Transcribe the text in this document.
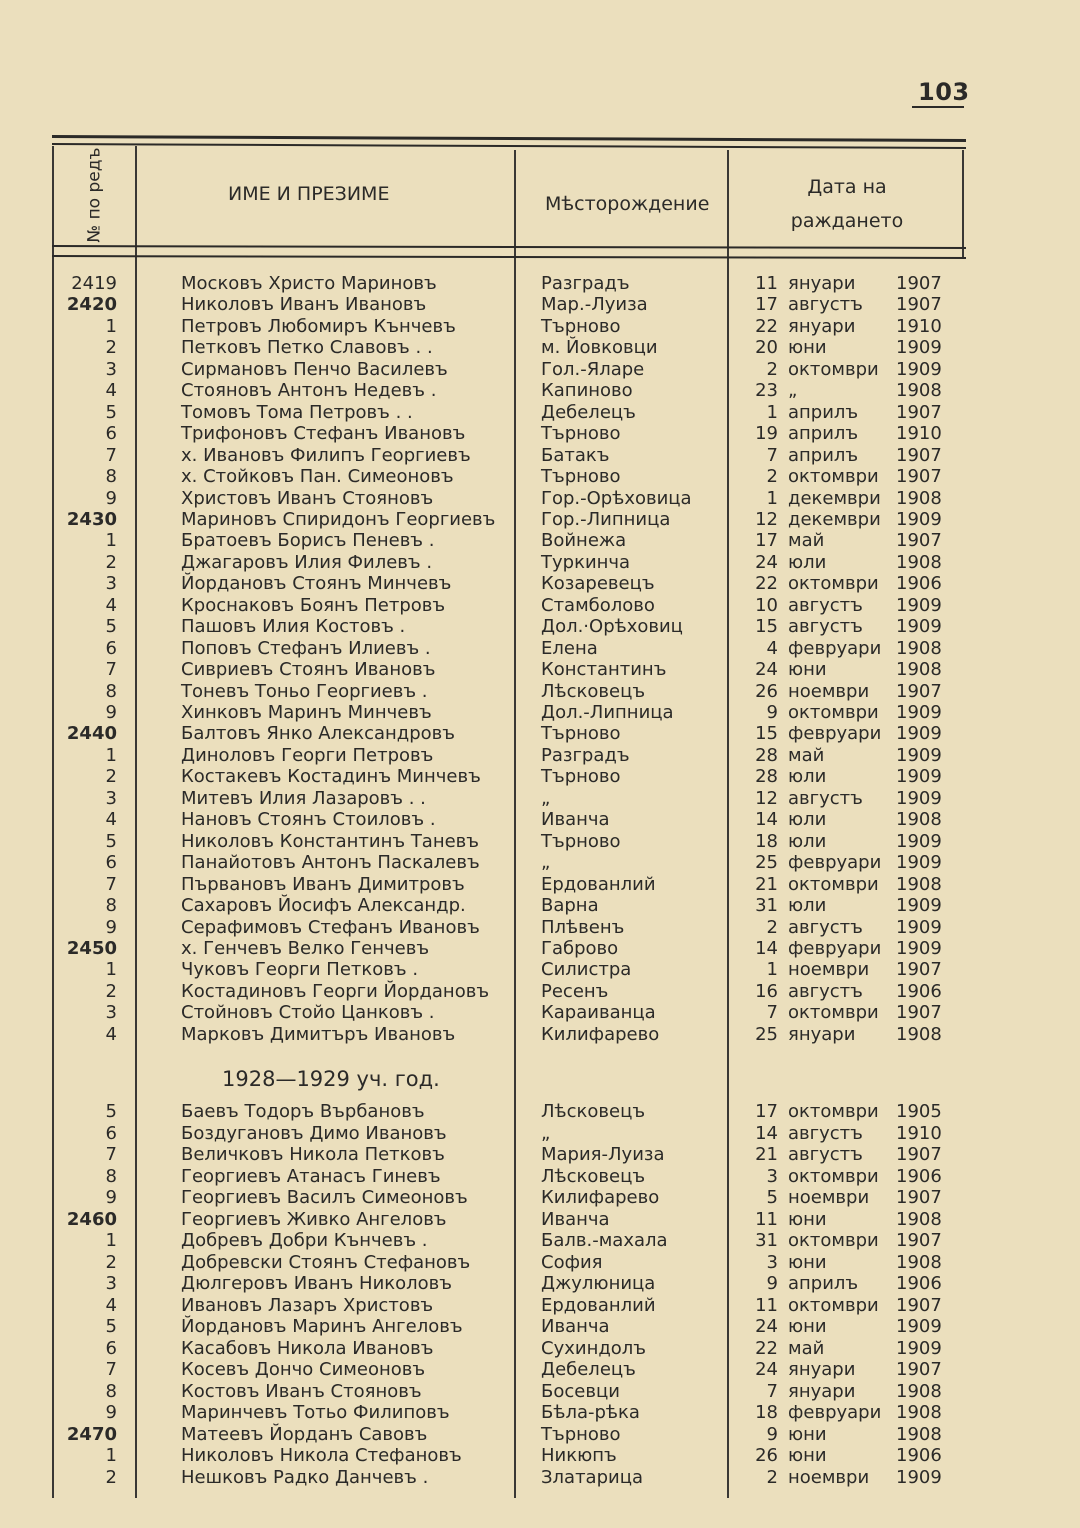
103
№ по редъ	ИМЕ И ПРЕЗИМЕ	Мѣсторождение
Дата на
раждането
2419	Московъ Христо Мариновъ	Разградъ	11 януари 1907
2420	Николовъ Иванъ Ивановъ	Мар.-Луиза	17 августъ 1907
1	Петровъ Любомиръ Кънчевъ	Търново	22 януари 1910
2	Петковъ Петко Славовъ . .	м. Йовковци	20 юни	1909
3	Сирмановъ Пенчо Василевъ	Гол.-Яларе	2 октомври 1909
4	Стояновъ Антонъ Недевъ .	Капиново	23 „	1908
5	Томовъ Тома Петровъ . .	Дебелецъ	1 априлъ 1907
6	Трифоновъ Стефанъ Ивановъ	Търново	19 априлъ 1910
7	х. Ивановъ Филипъ Георгиевъ	Батакъ	7 априлъ 1907
8	х. Стойковъ Пан. Симеоновъ	Търново	2 октомври 1907
9	Христовъ Иванъ Стояновъ	Гор.-Орѣховица	1 декември 1908
2430	Мариновъ Спиридонъ Георгиевъ	Гор.-Липница	12 декември 1909
1	Братоевъ Борисъ Пеневъ .	Войнежа	17 май	1907
2	Джагаровъ Илия Филевъ .	Туркинча	24 юли	1908
3	Йордановъ Стоянъ Минчевъ	Козаревецъ	22 октомври 1906
4	Кроснаковъ Боянъ Петровъ	Стамболово	10 августъ 1909
5	Пашовъ Илия Костовъ .	Дол.·Орѣховиц	15 августъ 1909
6	Поповъ Стефанъ Илиевъ .	Елена	4 февруари 1908
7	Сивриевъ Стоянъ Ивановъ	Константинъ	24 юни	1908
8	Тоневъ Тоньо Георгиевъ .	Лѣсковецъ	26 ноември 1907
9	Хинковъ Маринъ Минчевъ	Дол.-Липница	9 октомври 1909
2440	Балтовъ Янко Александровъ	Търново	15 февруари 1909
1	Диноловъ Георги Петровъ	Разградъ	28 май	1909
2	Костакевъ Костадинъ Минчевъ	Търново	28 юли	1909
3	Митевъ Илия Лазаровъ . .	„	12 августъ 1909
4	Нановъ Стоянъ Стоиловъ .	Иванча	14 юли	1908
5	Николовъ Константинъ Таневъ	Търново	18 юли	1909
6	Панайотовъ Антонъ Паскалевъ	„	25 февруари 1909
7	Първановъ Иванъ Димитровъ	Ердованлий	21 октомври 1908
8	Сахаровъ Йосифъ Александр.	Варна	31 юли	1909
9	Серафимовъ Стефанъ Ивановъ	Плѣвенъ	2 августъ 1909
2450	х. Генчевъ Велко Генчевъ	Габрово	14 февруари 1909
1	Чуковъ Георги Петковъ .	Силистра	1 ноември 1907
2	Костадиновъ Георги Йордановъ	Ресенъ	16 августъ 1906
3	Стойновъ Стойо Цанковъ .	Караиванца	7 октомври 1907
4	Марковъ Димитъръ Ивановъ	Килифарево	25 януари 1908
1928—1929 уч. год.
5	Баевъ Тодоръ Върбановъ	Лѣсковецъ	17 октомври 1905
6	Боздугановъ Димо Ивановъ	„	14 августъ 1910
7	Величковъ Никола Петковъ	Мария-Луиза	21 августъ 1907
8	Георгиевъ Атанасъ Гиневъ	Лѣсковецъ	3 октомври 1906
9	Георгиевъ Василъ Симеоновъ	Килифарево	5 ноември 1907
2460	Георгиевъ Живко Ангеловъ	Иванча	11 юни	1908
1	Добревъ Добри Кънчевъ .	Балв.-махала	31 октомври 1907
2	Добревски Стоянъ Стефановъ	София	3 юни	1908
3	Дюлгеровъ Иванъ Николовъ	Джулюница	9 априлъ 1906
4	Ивановъ Лазаръ Христовъ	Ердованлий	11 октомври 1907
5	Йордановъ Маринъ Ангеловъ	Иванча	24 юни	1909
6	Касабовъ Никола Ивановъ	Сухиндолъ	22 май	1909
7	Косевъ Дончо Симеоновъ	Дебелецъ	24 януари 1907
8	Костовъ Иванъ Стояновъ	Босевци	7 януари 1908
9	Маринчевъ Тотьо Филиповъ	Бѣла-рѣка	18 февруари 1908
2470	Матеевъ Йорданъ Савовъ	Търново	9 юни	1908
1	Николовъ Никола Стефановъ	Никюпъ	26 юни	1906
2	Нешковъ Радко Данчевъ .	Златарица	2 ноември 1909
